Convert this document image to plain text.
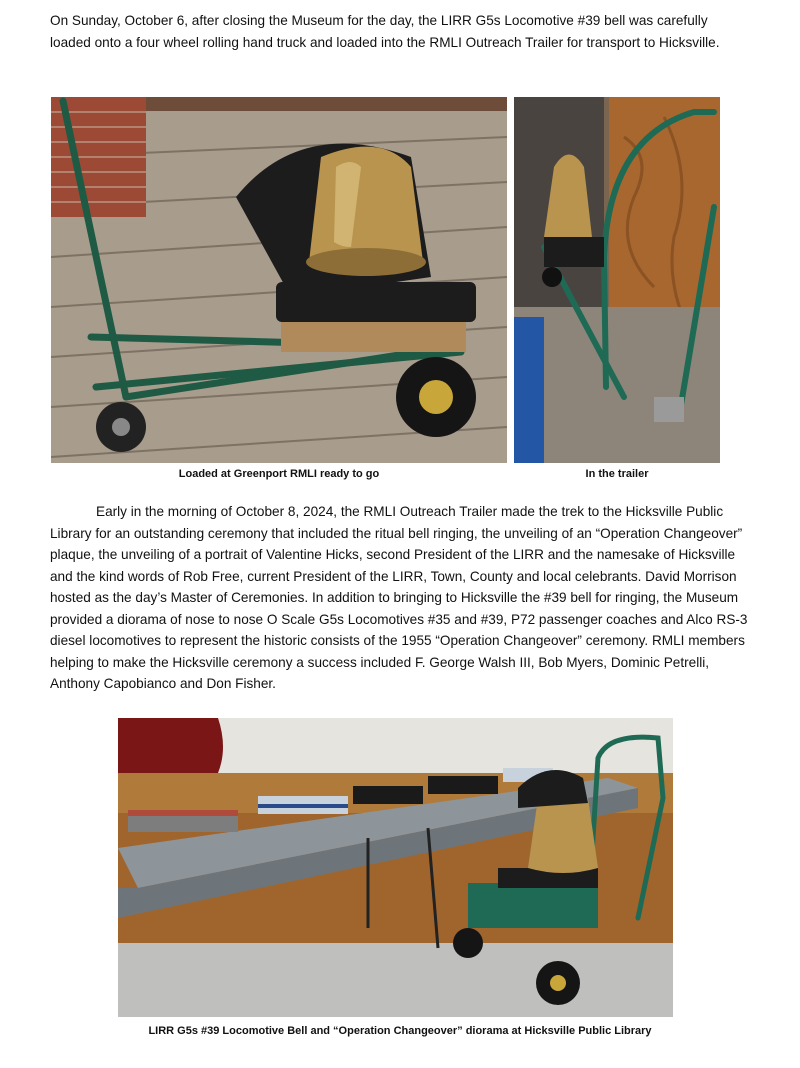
On Sunday, October 6, after closing the Museum for the day, the LIRR G5s Locomotive #39 bell was carefully loaded onto a four wheel rolling hand truck and loaded into the RMLI Outreach Trailer for transport to Hicksville.

Loaded at Greenport RMLI ready to go	In the trailer

Early in the morning of October 8, 2024, the RMLI Outreach Trailer made the trek to the Hicksville Public Library for an outstanding ceremony that included the ritual bell ringing, the unveiling of an “Operation Changeover” plaque, the unveiling of a portrait of Valentine Hicks, second President of the LIRR and the namesake of Hicksville and the kind words of Rob Free, current President of the LIRR, Town, County and local celebrants. David Morrison hosted as the day’s Master of Ceremonies. In addition to bringing to Hicksville the #39 bell for ringing, the Museum provided a diorama of nose to nose O Scale G5s Locomotives #35 and #39, P72 passenger coaches and Alco RS-3 diesel locomotives to represent the historic consists of the 1955 “Operation Changeover” ceremony. RMLI members helping to make the Hicksville ceremony a success included F. George Walsh III, Bob Myers, Dominic Petrelli, Anthony Capobianco and Don Fisher.

LIRR G5s #39 Locomotive Bell and “Operation Changeover” diorama at Hicksville Public Library
